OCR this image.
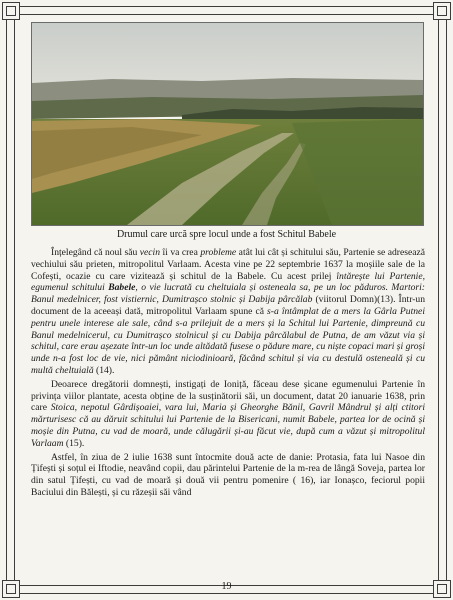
Drumul care urcă spre locul unde a fost Schitul Babele

Înțelegând că noul său vecin îi va crea probleme atât lui cât și schitului său, Partenie se adresează vechiului său prieten, mitropolitul Varlaam. Acesta vine pe 22 septembrie 1637 la moșiile sale de la Cofești, ocazie cu care vizitează și schitul de la Babele. Cu acest prilej întărește lui Partenie, egumenul schitului Babele, o vie lucrată cu cheltuiala și osteneala sa, pe un loc păduros. Martori: Banul medelnicer, fost vistiernic, Dumitrașco stolnic și Dabija pârcălab (viitorul Domn)(13). Într-un document de la aceeași dată, mitropolitul Varlaam spune că s-a întâmplat de a mers la Gârla Putnei pentru unele interese ale sale, când s-a prilejuit de a mers și la Schitul lui Partenie, dimpreună cu Banul medelnicerul, cu Dumitrașco stolnicul și cu Dabija pârcălabul de Putna, de am văzut via și schitul, care erau așezate într-un loc unde altădată fusese o pădure mare, cu niște copaci mari și groși unde n-a fost loc de vie, nici pământ niciodinioară, făcând schitul și via cu destulă osteneală și cu multă cheltuială (14).

Deoarece dregătorii domnești, instigați de Ioniță, făceau dese șicane egumenului Partenie în privința viilor plantate, acesta obține de la susținătorii săi, un document, datat 20 ianuarie 1638, prin care Stoica, nepotul Gârdișoaiei, vara lui, Maria și Gheorghe Bănil, Gavril Mândrul și alți ctitori mărturisesc că au dăruit schitului lui Partenie de la Bisericani, numit Babele, partea lor de ocină și moșie din Putna, cu vad de moară, unde călugării și-au făcut vie, după cum a văzut și mitropolitul Varlaam (15).

Astfel, în ziua de 2 iulie 1638 sunt întocmite două acte de danie: Protasia, fata lui Nasoe din Țifești și soțul ei Iftodie, neavând copii, dau părintelui Partenie de la m-rea de lângă Soveja, partea lor din satul Țifești, cu vad de moară și două vii pentru pomenire ( 16), iar Ionașco, feciorul popii Baciului din Bălești, și cu răzeșii săi vând

19
